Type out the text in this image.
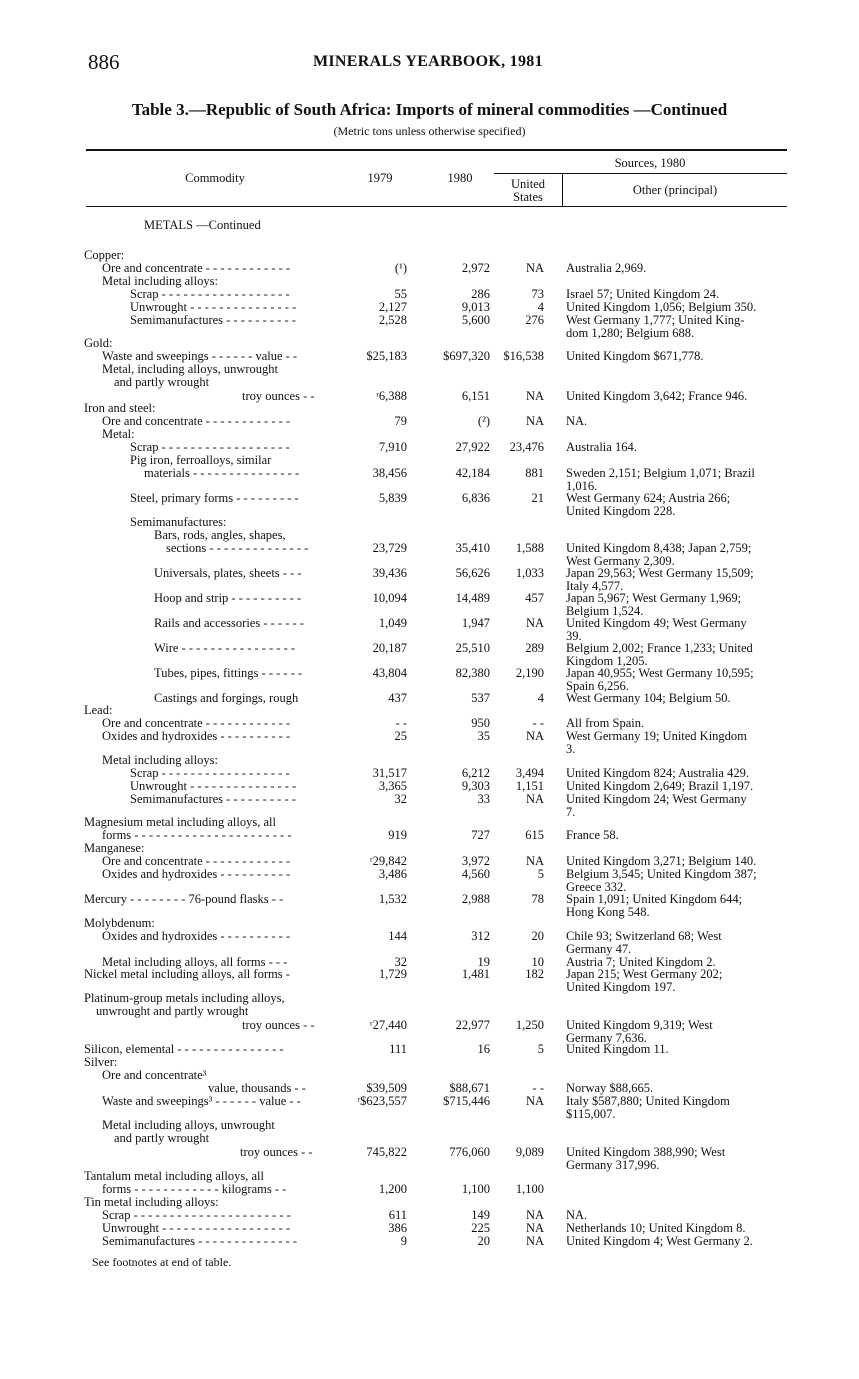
886	MINERALS YEARBOOK, 1981
Table 3.—Republic of South Africa: Imports of mineral commodities —Continued
(Metric tons unless otherwise specified)
Commodity	1979	1980
Sources, 1980
United
States	Other (principal)
METALS —Continued
Copper:
Ore and concentrate - - - - - - - - - - - -	(¹)	2,972	NA Australia 2,969.
Metal including alloys:
Scrap - - - - - - - - - - - - - - - - - -	55	286	73 Israel 57; United Kingdom 24.
Unwrought - - - - - - - - - - - - - - -	2,127	9,013	4 United Kingdom 1,056; Belgium 350.
Semimanufactures - - - - - - - - - -	2,528	5,600	276 West Germany 1,777; United King-
dom 1,280; Belgium 688.
Gold:
Waste and sweepings - - - - - - value - -	$25,183	$697,320	$16,538 United Kingdom $671,778.
Metal, including alloys, unwrought
and partly wrought
troy ounces - -	ʳ6,388	6,151	NA United Kingdom 3,642; France 946.
Iron and steel:
Ore and concentrate - - - - - - - - - - - -	79	(²)	NA NA.
Metal:
Scrap - - - - - - - - - - - - - - - - - -	7,910	27,922	23,476 Australia 164.
Pig iron, ferroalloys, similar
materials - - - - - - - - - - - - - - -	38,456	42,184	881 Sweden 2,151; Belgium 1,071; Brazil
1,016.
Steel, primary forms - - - - - - - - -	5,839	6,836	21 West Germany 624; Austria 266;
United Kingdom 228.
Semimanufactures:
Bars, rods, angles, shapes,
sections - - - - - - - - - - - - - -	23,729	35,410	1,588 United Kingdom 8,438; Japan 2,759;
West Germany 2,309.
Universals, plates, sheets - - -	39,436	56,626	1,033 Japan 29,563; West Germany 15,509;
Italy 4,577.
Hoop and strip - - - - - - - - - -	10,094	14,489	457 Japan 5,967; West Germany 1,969;
Belgium 1,524.
Rails and accessories - - - - - -	1,049	1,947	NA United Kingdom 49; West Germany
39.
Wire - - - - - - - - - - - - - - - -	20,187	25,510	289 Belgium 2,002; France 1,233; United
Kingdom 1,205.
Tubes, pipes, fittings - - - - - -	43,804	82,380	2,190 Japan 40,955; West Germany 10,595;
Spain 6,256.
Castings and forgings, rough	437	537	4 West Germany 104; Belgium 50.
Lead:
Ore and concentrate - - - - - - - - - - - -	- -	950	- - All from Spain.
Oxides and hydroxides - - - - - - - - - -	25	35	NA West Germany 19; United Kingdom
3.
Metal including alloys:
Scrap - - - - - - - - - - - - - - - - - -	31,517	6,212	3,494 United Kingdom 824; Australia 429.
Unwrought - - - - - - - - - - - - - - -	3,365	9,303	1,151 United Kingdom 2,649; Brazil 1,197.
Semimanufactures - - - - - - - - - -	32	33	NA United Kingdom 24; West Germany
7.
Magnesium metal including alloys, all
forms - - - - - - - - - - - - - - - - - - - - - -	919	727	615 France 58.
Manganese:
Ore and concentrate - - - - - - - - - - - -	ʳ29,842	3,972	NA United Kingdom 3,271; Belgium 140.
Oxides and hydroxides - - - - - - - - - -	3,486	4,560	5 Belgium 3,545; United Kingdom 387;
Greece 332.
Mercury - - - - - - - - 76-pound flasks - -	1,532	2,988	78 Spain 1,091; United Kingdom 644;
Hong Kong 548.
Molybdenum:
Oxides and hydroxides - - - - - - - - - -	144	312	20 Chile 93; Switzerland 68; West
Germany 47.
Metal including alloys, all forms - - -	32	19	10 Austria 7; United Kingdom 2.
Nickel metal including alloys, all forms -	1,729	1,481	182 Japan 215; West Germany 202;
United Kingdom 197.
Platinum-group metals including alloys,
unwrought and partly wrought
troy ounces - -	ʳ27,440	22,977	1,250 United Kingdom 9,319; West
Germany 7,636.
Silicon, elemental - - - - - - - - - - - - - - -	111	16	5 United Kingdom 11.
Silver:
Ore and concentrate³
value, thousands - -	$39,509	$88,671	- - Norway $88,665.
Waste and sweepings³ - - - - - - value - -	ʳ$623,557	$715,446	NA Italy $587,880; United Kingdom
$115,007.
Metal including alloys, unwrought
and partly wrought
troy ounces - -	745,822	776,060	9,089 United Kingdom 388,990; West
Germany 317,996.
Tantalum metal including alloys, all
forms - - - - - - - - - - - - kilograms - -	1,200	1,100	1,100
Tin metal including alloys:
Scrap - - - - - - - - - - - - - - - - - - - - - -	611	149	NA NA.
Unwrought - - - - - - - - - - - - - - - - - -	386	225	NA Netherlands 10; United Kingdom 8.
Semimanufactures - - - - - - - - - - - - - -	9	20	NA United Kingdom 4; West Germany 2.
See footnotes at end of table.
